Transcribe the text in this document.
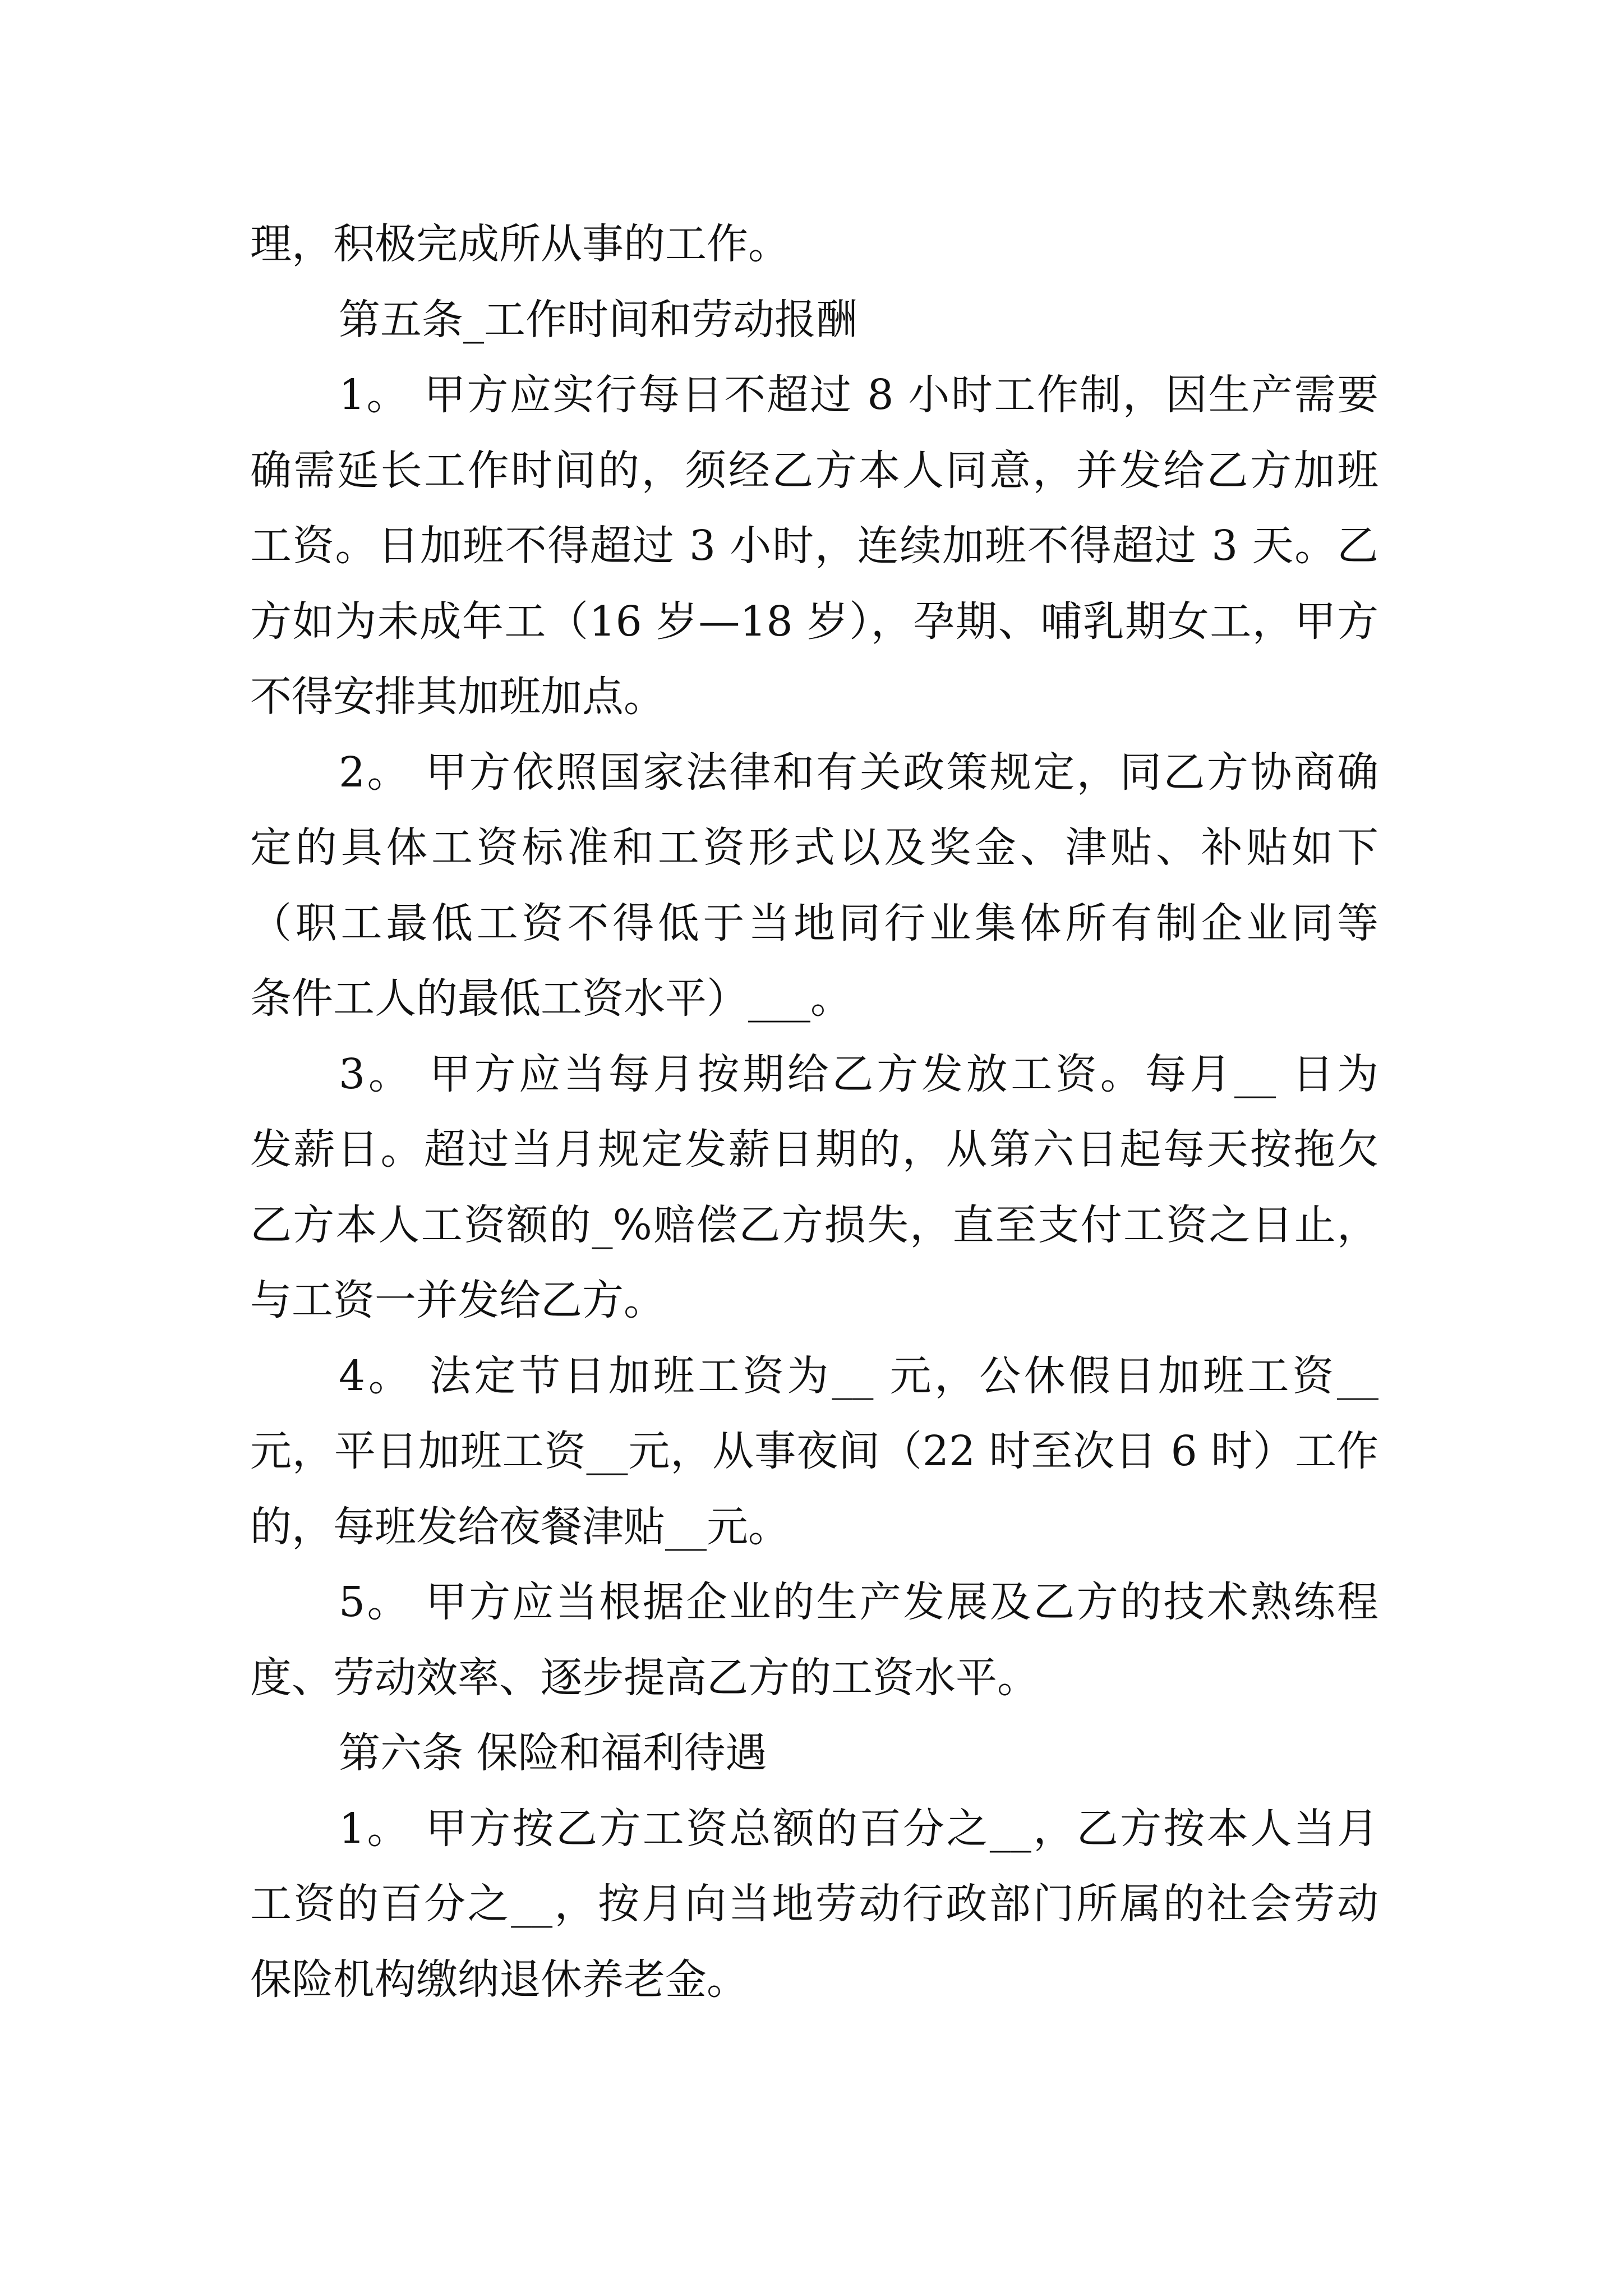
理，积极完成所从事的工作。
第五条_工作时间和劳动报酬
1。 甲方应实行每日不超过 8 小时工作制，因生产需要
确需延长工作时间的，须经乙方本人同意，并发给乙方加班
工资。日加班不得超过 3 小时，连续加班不得超过 3 天。乙
方如为未成年工（16 岁—18 岁），孕期、哺乳期女工，甲方
不得安排其加班加点。
2。 甲方依照国家法律和有关政策规定，同乙方协商确
定的具体工资标准和工资形式以及奖金、津贴、补贴如下
（职工最低工资不得低于当地同行业集体所有制企业同等
条件工人的最低工资水平）___。
3。 甲方应当每月按期给乙方发放工资。每月__ 日为
发薪日。超过当月规定发薪日期的，从第六日起每天按拖欠
乙方本人工资额的_%赔偿乙方损失，直至支付工资之日止，
与工资一并发给乙方。
4。 法定节日加班工资为__ 元，公休假日加班工资__
元，平日加班工资__元，从事夜间（22 时至次日 6 时）工作
的，每班发给夜餐津贴__元。
5。 甲方应当根据企业的生产发展及乙方的技术熟练程
度、劳动效率、逐步提高乙方的工资水平。
第六条 保险和福利待遇
1。 甲方按乙方工资总额的百分之__，乙方按本人当月
工资的百分之__，按月向当地劳动行政部门所属的社会劳动
保险机构缴纳退休养老金。
